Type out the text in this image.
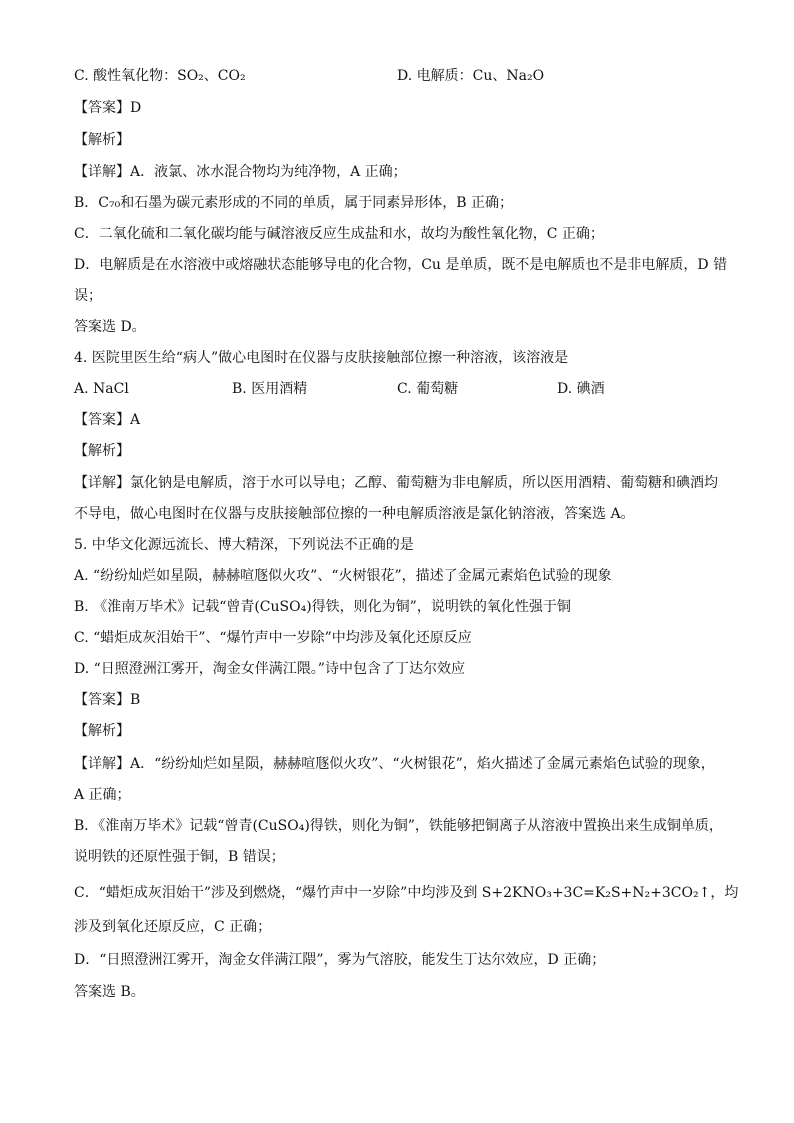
C. 酸性氧化物：SO₂、CO₂	D. 电解质：Cu、Na₂O
【答案】D
【解析】
【详解】A．液氯、冰水混合物均为纯净物，A 正确；
B．C₇₀和石墨为碳元素形成的不同的单质，属于同素异形体，B 正确；
C．二氧化硫和二氧化碳均能与碱溶液反应生成盐和水，故均为酸性氧化物，C 正确；
D．电解质是在水溶液中或熔融状态能够导电的化合物，Cu 是单质，既不是电解质也不是非电解质，D 错
误；
答案选 D。
4. 医院里医生给“病人”做心电图时在仪器与皮肤接触部位擦一种溶液，该溶液是
A. NaCl	B. 医用酒精	C. 葡萄糖	D. 碘酒
【答案】A
【解析】
【详解】氯化钠是电解质，溶于水可以导电；乙醇、葡萄糖为非电解质，所以医用酒精、葡萄糖和碘酒均
不导电，做心电图时在仪器与皮肤接触部位擦的一种电解质溶液是氯化钠溶液，答案选 A。
5. 中华文化源远流长、博大精深，下列说法不正确的是
A. “纷纷灿烂如星陨，赫赫喧豗似火攻”、“火树银花”，描述了金属元素焰色试验的现象
B. 《淮南万毕术》记载“曾青(CuSO₄)得铁，则化为铜”，说明铁的氧化性强于铜
C. “蜡炬成灰泪始干”、“爆竹声中一岁除”中均涉及氧化还原反应
D. “日照澄洲江雾开，淘金女伴满江隈。”诗中包含了丁达尔效应
【答案】B
【解析】
【详解】A．“纷纷灿烂如星陨，赫赫喧豗似火攻”、“火树银花”，焰火描述了金属元素焰色试验的现象，
A 正确；
B．《淮南万毕术》记载“曾青(CuSO₄)得铁，则化为铜”，铁能够把铜离子从溶液中置换出来生成铜单质，
说明铁的还原性强于铜，B 错误；
C．“蜡炬成灰泪始干”涉及到燃烧，“爆竹声中一岁除”中均涉及到 S+2KNO₃+3C=K₂S+N₂+3CO₂↑，均
涉及到氧化还原反应，C 正确；
D．“日照澄洲江雾开，淘金女伴满江隈”，雾为气溶胶，能发生丁达尔效应，D 正确；
答案选 B。
